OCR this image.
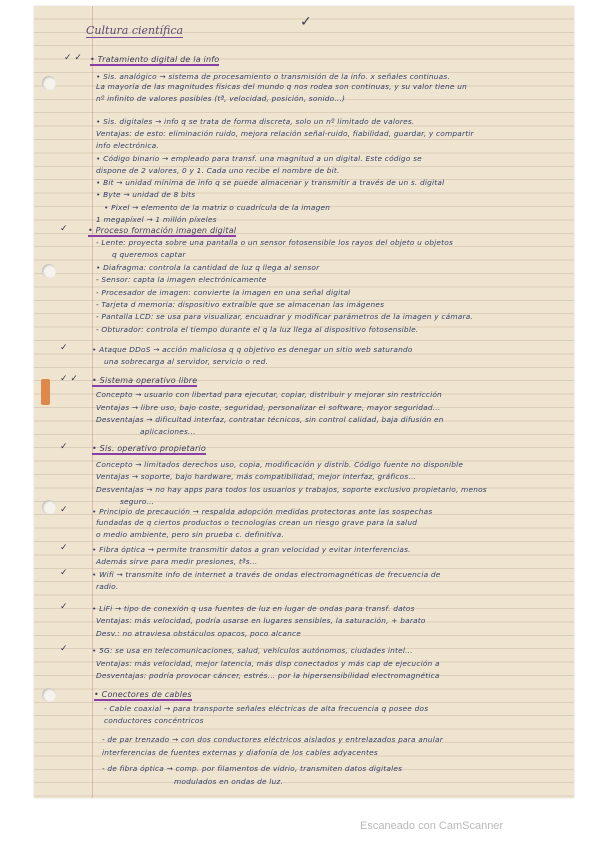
Cultura científica
✓
• Tratamiento digital de la info
✓ ✓
• Sis. analógico → sistema de procesamiento o transmisión de la info. x señales continuas.
La mayoría de las magnitudes físicas del mundo q nos rodea son continuas, y su valor tiene un
nº infinito de valores posibles (tª, velocidad, posición, sonido...)
• Sis. digitales → info q se trata de forma discreta, solo un nº limitado de valores.
Ventajas: de esto: eliminación ruido, mejora relación señal-ruido, fiabilidad, guardar, y compartir
info electrónica.
• Código binario → empleado para transf. una magnitud a un digital. Este código se
dispone de 2 valores, 0 y 1. Cada uno recibe el nombre de bit.
• Bit → unidad mínima de info q se puede almacenar y transmitir a través de un s. digital
• Byte → unidad de 8 bits
• Pixel → elemento de la matriz o cuadrícula de la imagen
1 megapíxel → 1 millón píxeles
• Proceso formación imagen digital
✓
- Lente: proyecta sobre una pantalla o un sensor fotosensible los rayos del objeto u objetos
q queremos captar
• Diafragma: controla la cantidad de luz q llega al sensor
- Sensor: capta la imagen electrónicamente
- Procesador de imagen: convierte la imagen en una señal digital
- Tarjeta d memoria: dispositivo extraíble que se almacenan las imágenes
- Pantalla LCD: se usa para visualizar, encuadrar y modificar parámetros de la imagen y cámara.
- Obturador: controla el tiempo durante el q la luz llega al dispositivo fotosensible.
• Ataque DDoS → acción maliciosa q q objetivo es denegar un sitio web saturando
✓
una sobrecarga al servidor, servicio o red.
• Sistema operativo libre
✓ ✓
Concepto → usuario con libertad para ejecutar, copiar, distribuir y mejorar sin restricción
Ventajas → libre uso, bajo coste, seguridad, personalizar el software, mayor seguridad...
Desventajas → dificultad interfaz, contratar técnicos, sin control calidad, baja difusión en
aplicaciones...
• Sis. operativo propietario
✓
Concepto → limitados derechos uso, copia, modificación y distrib. Código fuente no disponible
Ventajas → soporte, bajo hardware, más compatibilidad, mejor interfaz, gráficos...
Desventajas → no hay apps para todos los usuarios y trabajos, soporte exclusivo propietario, menos
seguro...
• Principio de precaución → respalda adopción medidas protectoras ante las sospechas
✓
fundadas de q ciertos productos o tecnologías crean un riesgo grave para la salud
o medio ambiente, pero sin prueba c. definitiva.
• Fibra óptica → permite transmitir datos a gran velocidad y evitar interferencias.
✓
Además sirve para medir presiones, tªs...
• Wifi → transmite info de internet a través de ondas electromagnéticas de frecuencia de
✓
radio.
• LiFi → tipo de conexión q usa fuentes de luz en lugar de ondas para transf. datos
✓
Ventajas: más velocidad, podría usarse en lugares sensibles, la saturación, + barato
Desv.: no atraviesa obstáculos opacos, poco alcance
• 5G: se usa en telecomunicaciones, salud, vehículos autónomos, ciudades intel...
✓
Ventajas: más velocidad, mejor latencia, más disp conectados y más cap de ejecución a
Desventajas: podría provocar cáncer, estrés... por la hipersensibilidad electromagnética
• Conectores de cables
- Cable coaxial → para transporte señales eléctricas de alta frecuencia q posee dos
conductores concéntricos
- de par trenzado → con dos conductores eléctricos aislados y entrelazados para anular
interferencias de fuentes externas y diafonía de los cables adyacentes
- de fibra óptica → comp. por filamentos de vidrio, transmiten datos digitales
modulados en ondas de luz.
Escaneado con CamScanner
